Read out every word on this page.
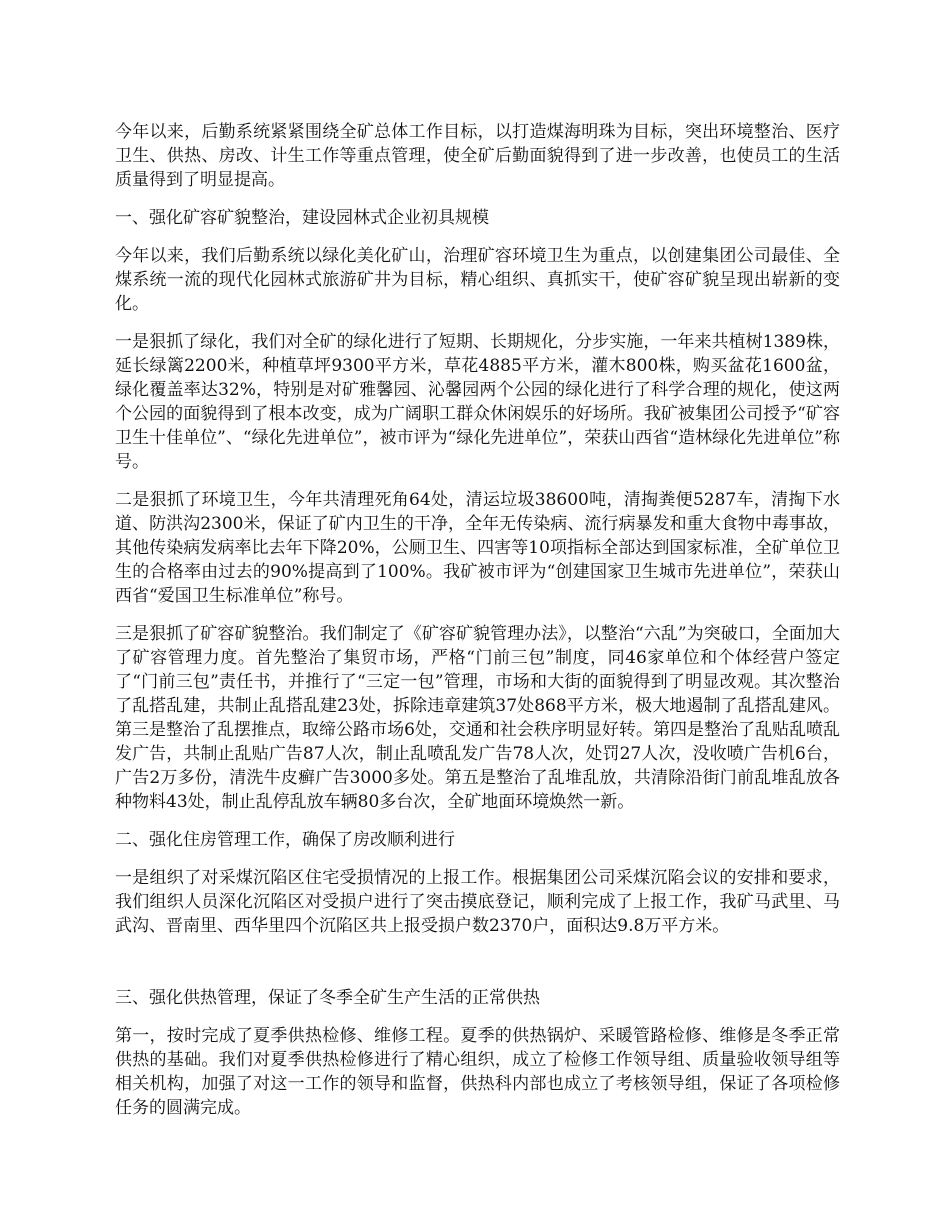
今年以来，后勤系统紧紧围绕全矿总体工作目标，以打造煤海明珠为目标，突出环境整治、医疗卫生、供热、房改、计生工作等重点管理，使全矿后勤面貌得到了进一步改善，也使员工的生活质量得到了明显提高。

一、强化矿容矿貌整治，建设园林式企业初具规模

今年以来，我们后勤系统以绿化美化矿山，治理矿容环境卫生为重点，以创建集团公司最佳、全煤系统一流的现代化园林式旅游矿井为目标，精心组织、真抓实干，使矿容矿貌呈现出崭新的变化。

一是狠抓了绿化，我们对全矿的绿化进行了短期、长期规化，分步实施，一年来共植树1389株，延长绿篱2200米，种植草坪9300平方米，草花4885平方米，灌木800株，购买盆花1600盆，绿化覆盖率达32%，特别是对矿雅馨园、沁馨园两个公园的绿化进行了科学合理的规化，使这两个公园的面貌得到了根本改变，成为广阔职工群众休闲娱乐的好场所。我矿被集团公司授予“矿容卫生十佳单位”、“绿化先进单位”，被市评为“绿化先进单位”，荣获山西省“造林绿化先进单位”称号。

二是狠抓了环境卫生，今年共清理死角64处，清运垃圾38600吨，清掏粪便5287车，清掏下水道、防洪沟2300米，保证了矿内卫生的干净，全年无传染病、流行病暴发和重大食物中毒事故，其他传染病发病率比去年下降20%，公厕卫生、四害等10项指标全部达到国家标准，全矿单位卫生的合格率由过去的90%提高到了100%。我矿被市评为“创建国家卫生城市先进单位”，荣获山西省“爱国卫生标准单位”称号。

三是狠抓了矿容矿貌整治。我们制定了《矿容矿貌管理办法》，以整治“六乱”为突破口，全面加大了矿容管理力度。首先整治了集贸市场，严格“门前三包”制度，同46家单位和个体经营户签定了“门前三包”责任书，并推行了“三定一包”管理，市场和大街的面貌得到了明显改观。其次整治了乱搭乱建，共制止乱搭乱建23处，拆除违章建筑37处868平方米，极大地遏制了乱搭乱建风。第三是整治了乱摆推点，取缔公路市场6处，交通和社会秩序明显好转。第四是整治了乱贴乱喷乱发广告，共制止乱贴广告87人次，制止乱喷乱发广告78人次，处罚27人次，没收喷广告机6台，广告2万多份，清洗牛皮癣广告3000多处。第五是整治了乱堆乱放，共清除沿街门前乱堆乱放各种物料43处，制止乱停乱放车辆80多台次，全矿地面环境焕然一新。

二、强化住房管理工作，确保了房改顺利进行

一是组织了对采煤沉陷区住宅受损情况的上报工作。根据集团公司采煤沉陷会议的安排和要求，我们组织人员深化沉陷区对受损户进行了突击摸底登记，顺利完成了上报工作，我矿马武里、马武沟、晋南里、西华里四个沉陷区共上报受损户数2370户，面积达9.8万平方米。

三、强化供热管理，保证了冬季全矿生产生活的正常供热

第一，按时完成了夏季供热检修、维修工程。夏季的供热锅炉、采暖管路检修、维修是冬季正常供热的基础。我们对夏季供热检修进行了精心组织，成立了检修工作领导组、质量验收领导组等相关机构，加强了对这一工作的领导和监督，供热科内部也成立了考核领导组，保证了各项检修任务的圆满完成。
